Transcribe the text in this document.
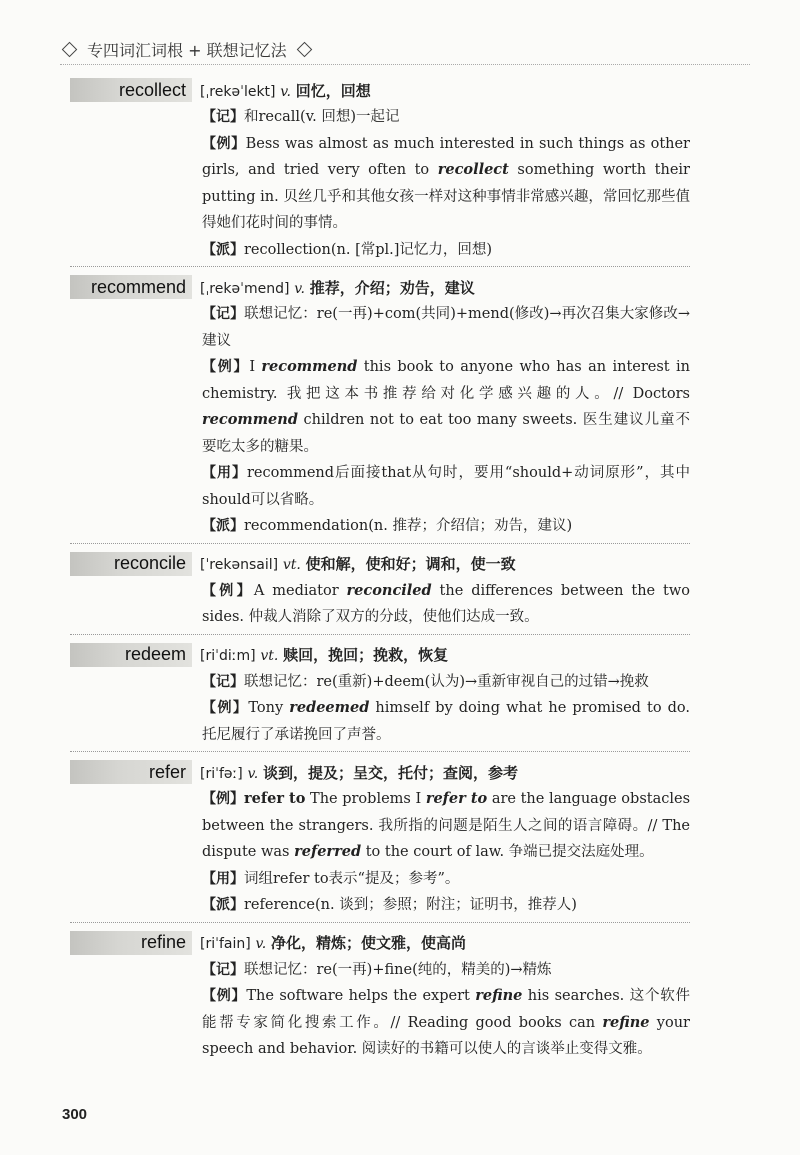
专四词汇词根 + 联想记忆法
recollect	[ˌrekəˈlekt] v. 回忆，回想

【记】和recall(v. 回想)一起记

【例】Bess was almost as much interested in such things as other girls, and tried very often to recollect something worth their putting in. 贝丝几乎和其他女孩一样对这种事情非常感兴趣，常回忆那些值得她们花时间的事情。

【派】recollection(n. [常pl.]记忆力，回想)

recommend	[ˌrekəˈmend] v. 推荐，介绍；劝告，建议

【记】联想记忆：re(一再)+com(共同)+mend(修改)→再次召集大家修改→建议

【例】I recommend this book to anyone who has an interest in chemistry. 我把这本书推荐给对化学感兴趣的人。// Doctors recommend children not to eat too many sweets. 医生建议儿童不要吃太多的糖果。

【用】recommend后面接that从句时，要用“should+动词原形”，其中should可以省略。

【派】recommendation(n. 推荐；介绍信；劝告，建议)

reconcile	[ˈrekənsail] vt. 使和解，使和好；调和，使一致

【例】A mediator reconciled the differences between the two sides. 仲裁人消除了双方的分歧，使他们达成一致。

redeem	[riˈdiːm] vt. 赎回，挽回；挽救，恢复

【记】联想记忆：re(重新)+deem(认为)→重新审视自己的过错→挽救

【例】Tony redeemed himself by doing what he promised to do. 托尼履行了承诺挽回了声誉。

refer	[riˈfəː] v. 谈到，提及；呈交，托付；查阅，参考

【例】refer to The problems I refer to are the language obstacles between the strangers. 我所指的问题是陌生人之间的语言障碍。// The dispute was referred to the court of law. 争端已提交法庭处理。

【用】词组refer to表示“提及；参考”。

【派】reference(n. 谈到；参照；附注；证明书，推荐人)

refine	[riˈfain] v. 净化，精炼；使文雅，使高尚

【记】联想记忆：re(一再)+fine(纯的，精美的)→精炼

【例】The software helps the expert refine his searches. 这个软件能帮专家简化搜索工作。// Reading good books can refine your speech and behavior. 阅读好的书籍可以使人的言谈举止变得文雅。

300
